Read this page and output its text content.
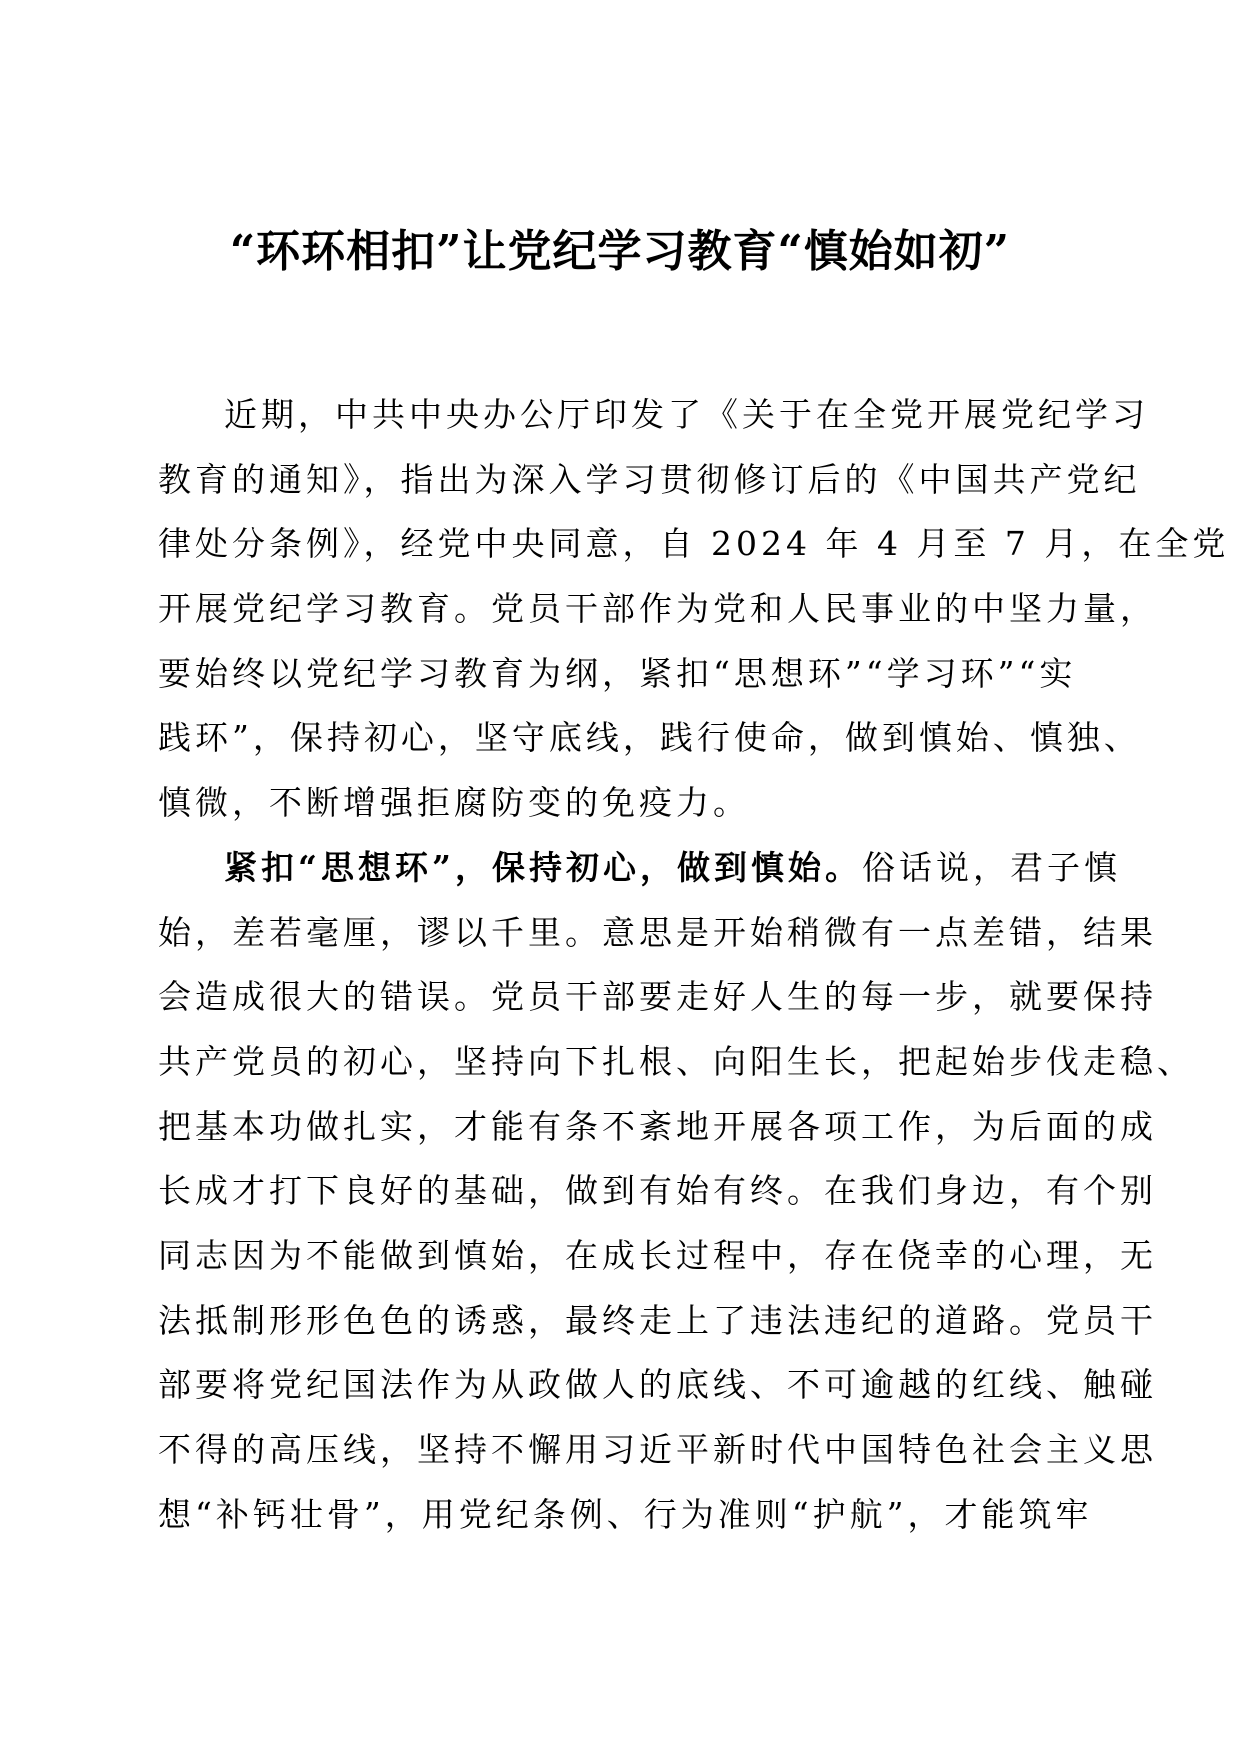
“环环相扣”让党纪学习教育“慎始如初”
近期，中共中央办公厅印发了《关于在全党开展党纪学习
教育的通知》，指出为深入学习贯彻修订后的《中国共产党纪
律处分条例》，经党中央同意，自 2024 年 4 月至 7 月，在全党
开展党纪学习教育。党员干部作为党和人民事业的中坚力量，
要始终以党纪学习教育为纲，紧扣“思想环”“学习环”“实
践环”，保持初心，坚守底线，践行使命，做到慎始、慎独、
慎微，不断增强拒腐防变的免疫力。
紧扣“思想环”，保持初心，做到慎始。俗话说，君子慎
始，差若毫厘，谬以千里。意思是开始稍微有一点差错，结果
会造成很大的错误。党员干部要走好人生的每一步，就要保持
共产党员的初心，坚持向下扎根、向阳生长，把起始步伐走稳、
把基本功做扎实，才能有条不紊地开展各项工作，为后面的成
长成才打下良好的基础，做到有始有终。在我们身边，有个别
同志因为不能做到慎始，在成长过程中，存在侥幸的心理，无
法抵制形形色色的诱惑，最终走上了违法违纪的道路。党员干
部要将党纪国法作为从政做人的底线、不可逾越的红线、触碰
不得的高压线，坚持不懈用习近平新时代中国特色社会主义思
想“补钙壮骨”，用党纪条例、行为准则“护航”，才能筑牢
